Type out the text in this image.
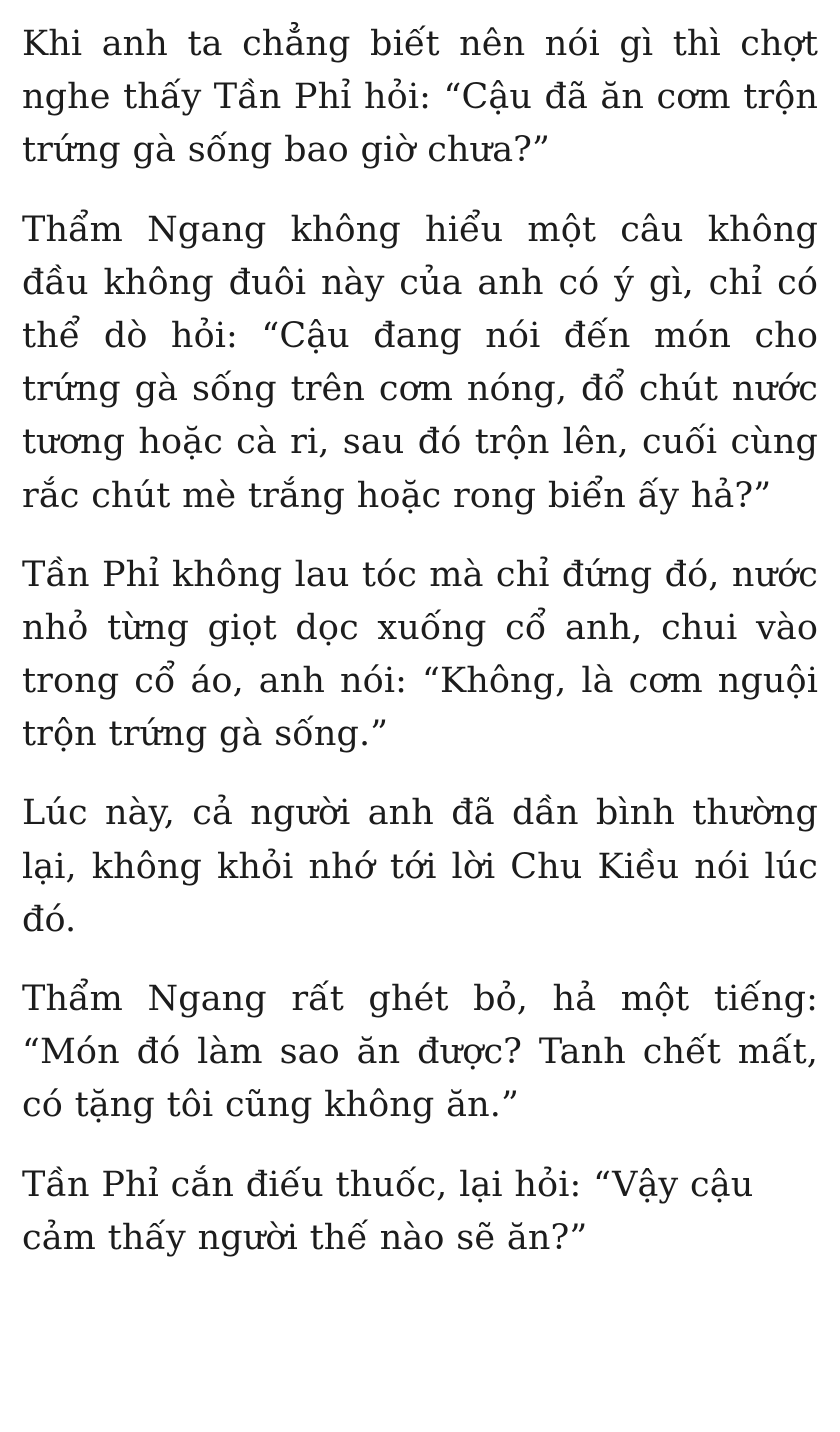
Khi anh ta chẳng biết nên nói gì thì chợt nghe thấy Tần Phỉ hỏi: “Cậu đã ăn cơm trộn trứng gà sống bao giờ chưa?”

Thẩm Ngang không hiểu một câu không đầu không đuôi này của anh có ý gì, chỉ có thể dò hỏi: “Cậu đang nói đến món cho trứng gà sống trên cơm nóng, đổ chút nước tương hoặc cà ri, sau đó trộn lên, cuối cùng rắc chút mè trắng hoặc rong biển ấy hả?”

Tần Phỉ không lau tóc mà chỉ đứng đó, nước nhỏ từng giọt dọc xuống cổ anh, chui vào trong cổ áo, anh nói: “Không, là cơm nguội trộn trứng gà sống.”

Lúc này, cả người anh đã dần bình thường lại, không khỏi nhớ tới lời Chu Kiều nói lúc đó.

Thẩm Ngang rất ghét bỏ, hả một tiếng: “Món đó làm sao ăn được? Tanh chết mất, có tặng tôi cũng không ăn.”

Tần Phỉ cắn điếu thuốc, lại hỏi: “Vậy cậu cảm thấy người thế nào sẽ ăn?”
